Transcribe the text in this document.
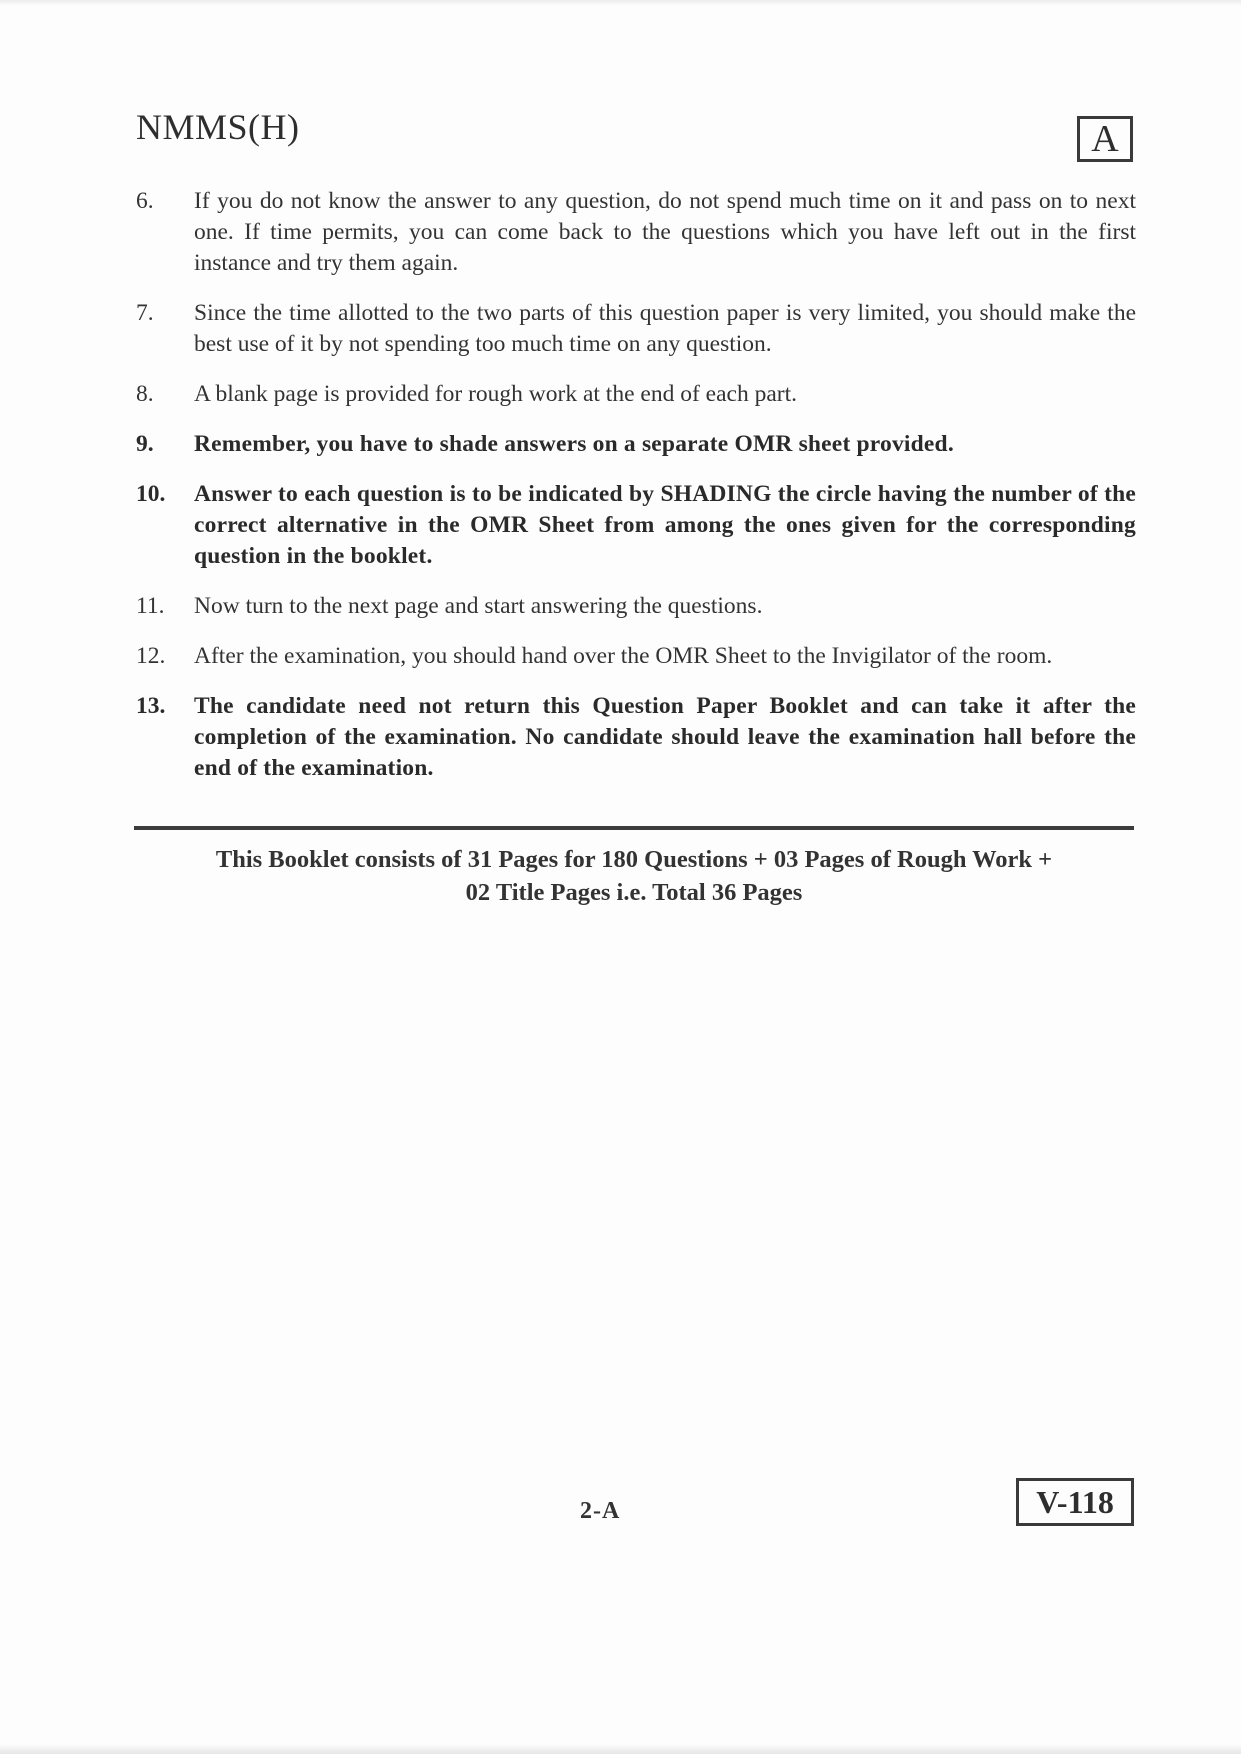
NMMS(H)	A
6.	If you do not know the answer to any question, do not spend much time on it and pass on to next one. If time permits, you can come back to the questions which you have left out in the first instance and try them again.
7.	Since the time allotted to the two parts of this question paper is very limited, you should make the best use of it by not spending too much time on any question.
8.	A blank page is provided for rough work at the end of each part.
9.	Remember, you have to shade answers on a separate OMR sheet provided.
10.	Answer to each question is to be indicated by SHADING the circle having the number of the correct alternative in the OMR Sheet from among the ones given for the corresponding question in the booklet.
11.	Now turn to the next page and start answering the questions.
12.	After the examination, you should hand over the OMR Sheet to the Invigilator of the room.
13.	The candidate need not return this Question Paper Booklet and can take it after the completion of the examination. No candidate should leave the examination hall before the end of the examination.
This Booklet consists of 31 Pages for 180 Questions + 03 Pages of Rough Work +
02 Title Pages i.e. Total 36 Pages
2-A	V-118
